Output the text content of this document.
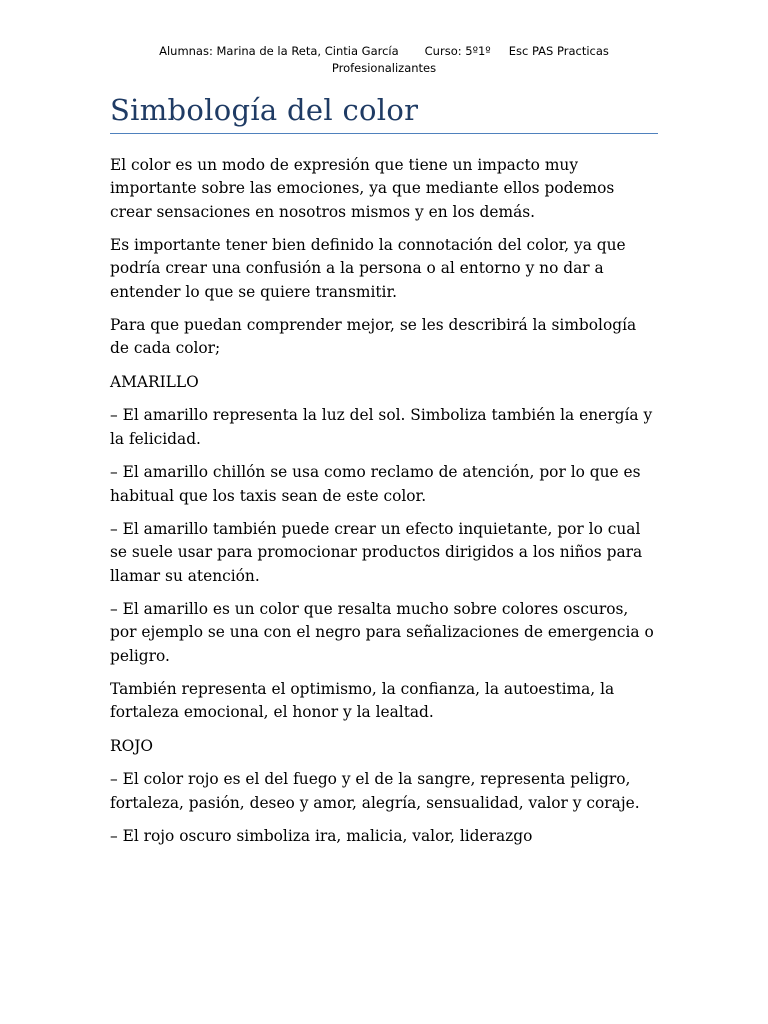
Alumnas: Marina de la Reta, Cintia García Curso: 5º1º Esc PAS Practicas
Profesionalizantes
Simbología del color

El color es un modo de expresión que tiene un impacto muy importante sobre las emociones, ya que mediante ellos podemos crear sensaciones en nosotros mismos y en los demás.

Es importante tener bien definido la connotación del color, ya que podría crear una confusión a la persona o al entorno y no dar a entender lo que se quiere transmitir.

Para que puedan comprender mejor, se les describirá la simbología de cada color;

AMARILLO

– El amarillo representa la luz del sol. Simboliza también la energía y la felicidad.

– El amarillo chillón se usa como reclamo de atención, por lo que es habitual que los taxis sean de este color.

– El amarillo también puede crear un efecto inquietante, por lo cual se suele usar para promocionar productos dirigidos a los niños para llamar su atención.

– El amarillo es un color que resalta mucho sobre colores oscuros, por ejemplo se una con el negro para señalizaciones de emergencia o peligro.

También representa el optimismo, la confianza, la autoestima, la fortaleza emocional, el honor y la lealtad.

ROJO

– El color rojo es el del fuego y el de la sangre, representa peligro, fortaleza, pasión, deseo y amor, alegría, sensualidad, valor y coraje.

– El rojo oscuro simboliza ira, malicia, valor, liderazgo
